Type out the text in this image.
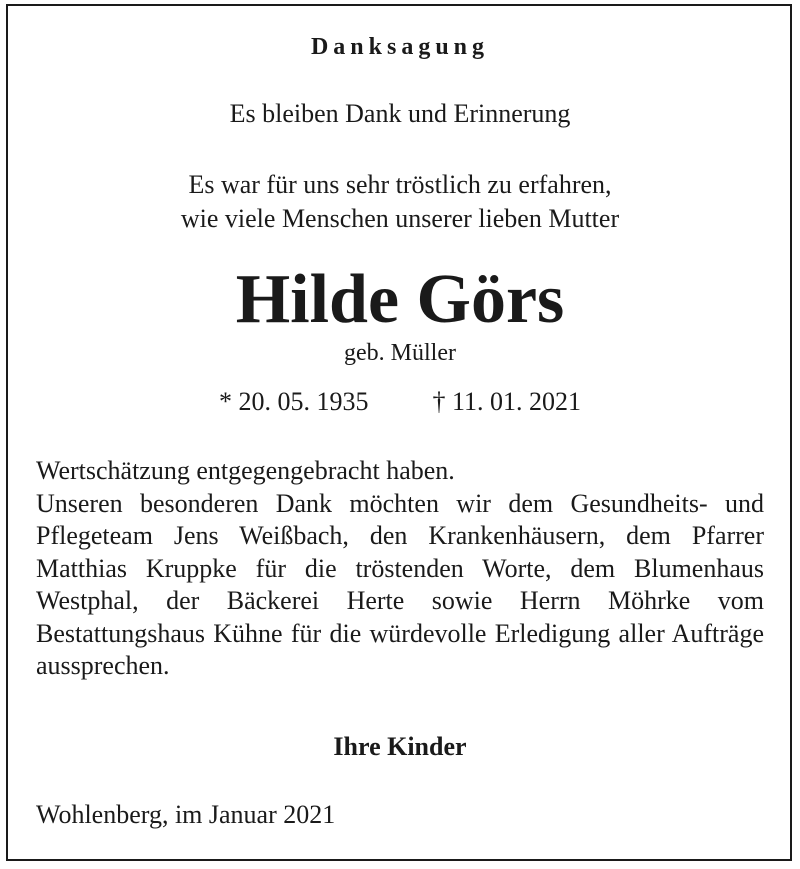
Danksagung
Es bleiben Dank und Erinnerung
Es war für uns sehr tröstlich zu erfahren,
wie viele Menschen unserer lieben Mutter
Hilde Görs
geb. Müller
* 20. 05. 1935 † 11. 01. 2021
Wertschätzung entgegengebracht haben.
Unseren besonderen Dank möchten wir dem Gesundheits- und Pflegeteam Jens Weißbach, den Krankenhäusern, dem Pfarrer Matthias Kruppke für die tröstenden Worte, dem Blumenhaus Westphal, der Bäckerei Herte sowie Herrn Möhrke vom Bestattungshaus Kühne für die würdevolle Erledigung aller Aufträge aussprechen.
Ihre Kinder
Wohlenberg, im Januar 2021
